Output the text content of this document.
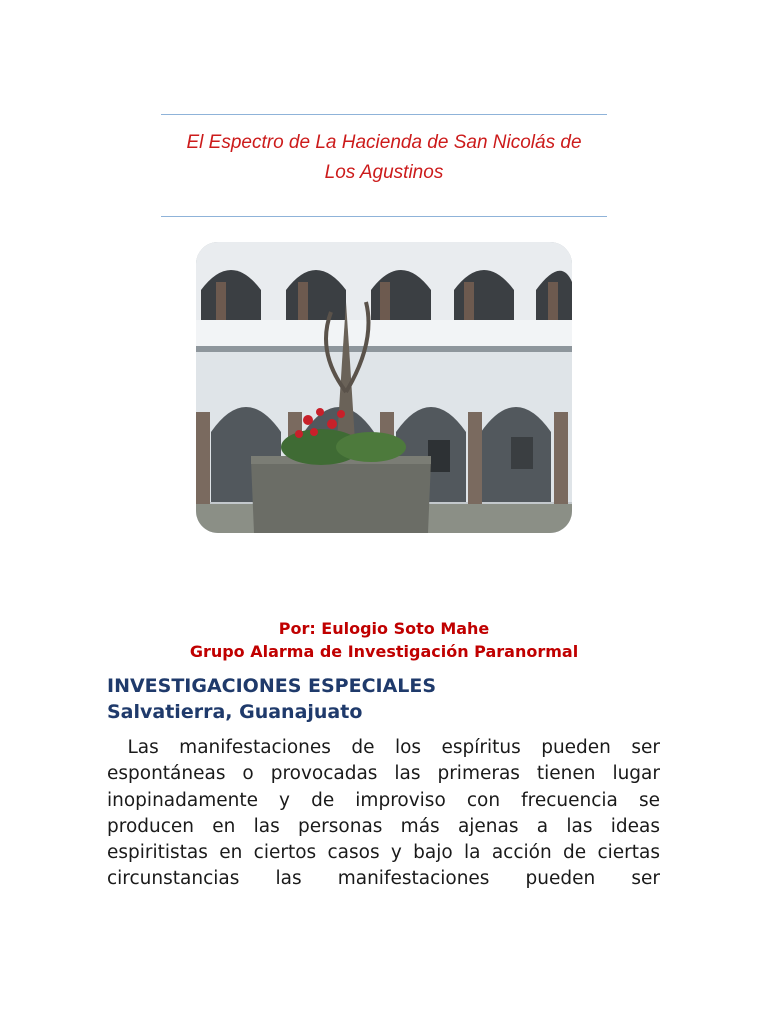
El Espectro de La Hacienda de San Nicolás de
Los Agustinos
Por: Eulogio Soto Mahe
Grupo Alarma de Investigación Paranormal
INVESTIGACIONES ESPECIALES
Salvatierra, Guanajuato
Las manifestaciones de los espíritus pueden ser espontáneas o provocadas las primeras tienen lugar inopinadamente y de improviso con frecuencia se producen en las personas más ajenas a las ideas espiritistas en ciertos casos y bajo la acción de ciertas circunstancias las manifestaciones pueden ser
